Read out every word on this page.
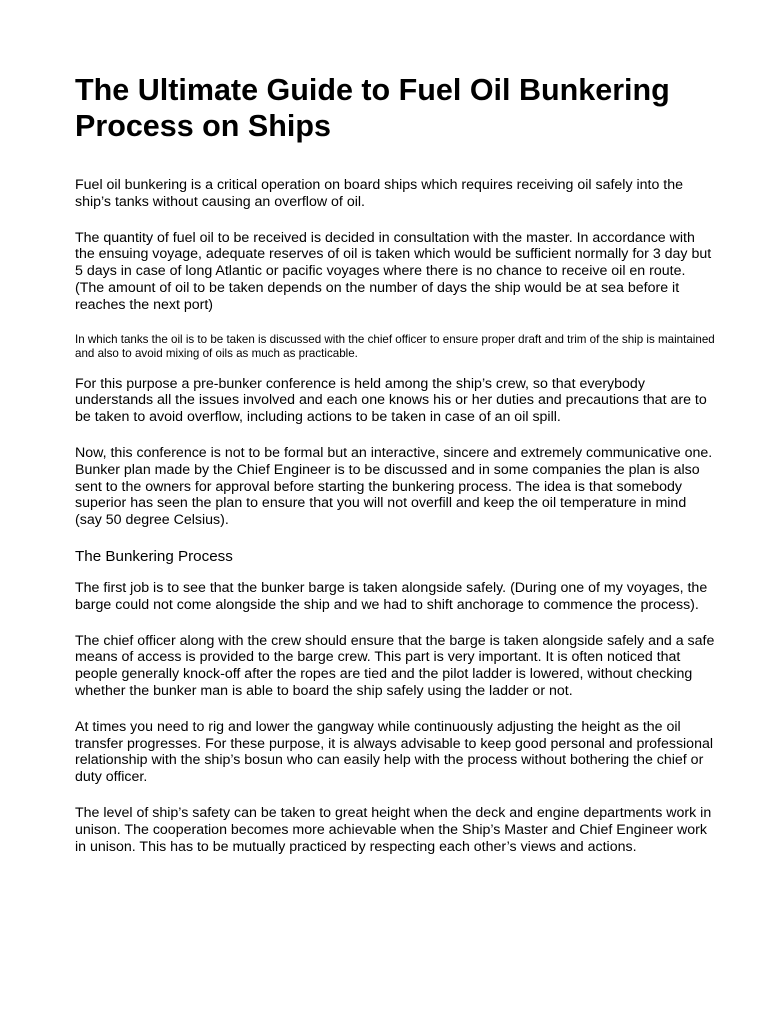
The Ultimate Guide to Fuel Oil Bunkering Process on Ships

Fuel oil bunkering is a critical operation on board ships which requires receiving oil safely into the ship’s tanks without causing an overflow of oil.

The quantity of fuel oil to be received is decided in consultation with the master. In accordance with the ensuing voyage, adequate reserves of oil is taken which would be sufficient normally for 3 day but 5 days in case of long Atlantic or pacific voyages where there is no chance to receive oil en route. (The amount of oil to be taken depends on the number of days the ship would be at sea before it reaches the next port)

In which tanks the oil is to be taken is discussed with the chief officer to ensure proper draft and trim of the ship is maintained and also to avoid mixing of oils as much as practicable.

For this purpose a pre-bunker conference is held among the ship’s crew, so that everybody understands all the issues involved and each one knows his or her duties and precautions that are to be taken to avoid overflow, including actions to be taken in case of an oil spill.

Now, this conference is not to be formal but an interactive, sincere and extremely communicative one. Bunker plan made by the Chief Engineer is to be discussed and in some companies the plan is also sent to the owners for approval before starting the bunkering process. The idea is that somebody superior has seen the plan to ensure that you will not overfill and keep the oil temperature in mind (say 50 degree Celsius).

The Bunkering Process

The first job is to see that the bunker barge is taken alongside safely. (During one of my voyages, the barge could not come alongside the ship and we had to shift anchorage to commence the process).

The chief officer along with the crew should ensure that the barge is taken alongside safely and a safe means of access is provided to the barge crew. This part is very important. It is often noticed that people generally knock-off after the ropes are tied and the pilot ladder is lowered, without checking whether the bunker man is able to board the ship safely using the ladder or not.

At times you need to rig and lower the gangway while continuously adjusting the height as the oil transfer progresses. For these purpose, it is always advisable to keep good personal and professional relationship with the ship’s bosun who can easily help with the process without bothering the chief or duty officer.

The level of ship’s safety can be taken to great height when the deck and engine departments work in unison. The cooperation becomes more achievable when the Ship’s Master and Chief Engineer work in unison. This has to be mutually practiced by respecting each other’s views and actions.
